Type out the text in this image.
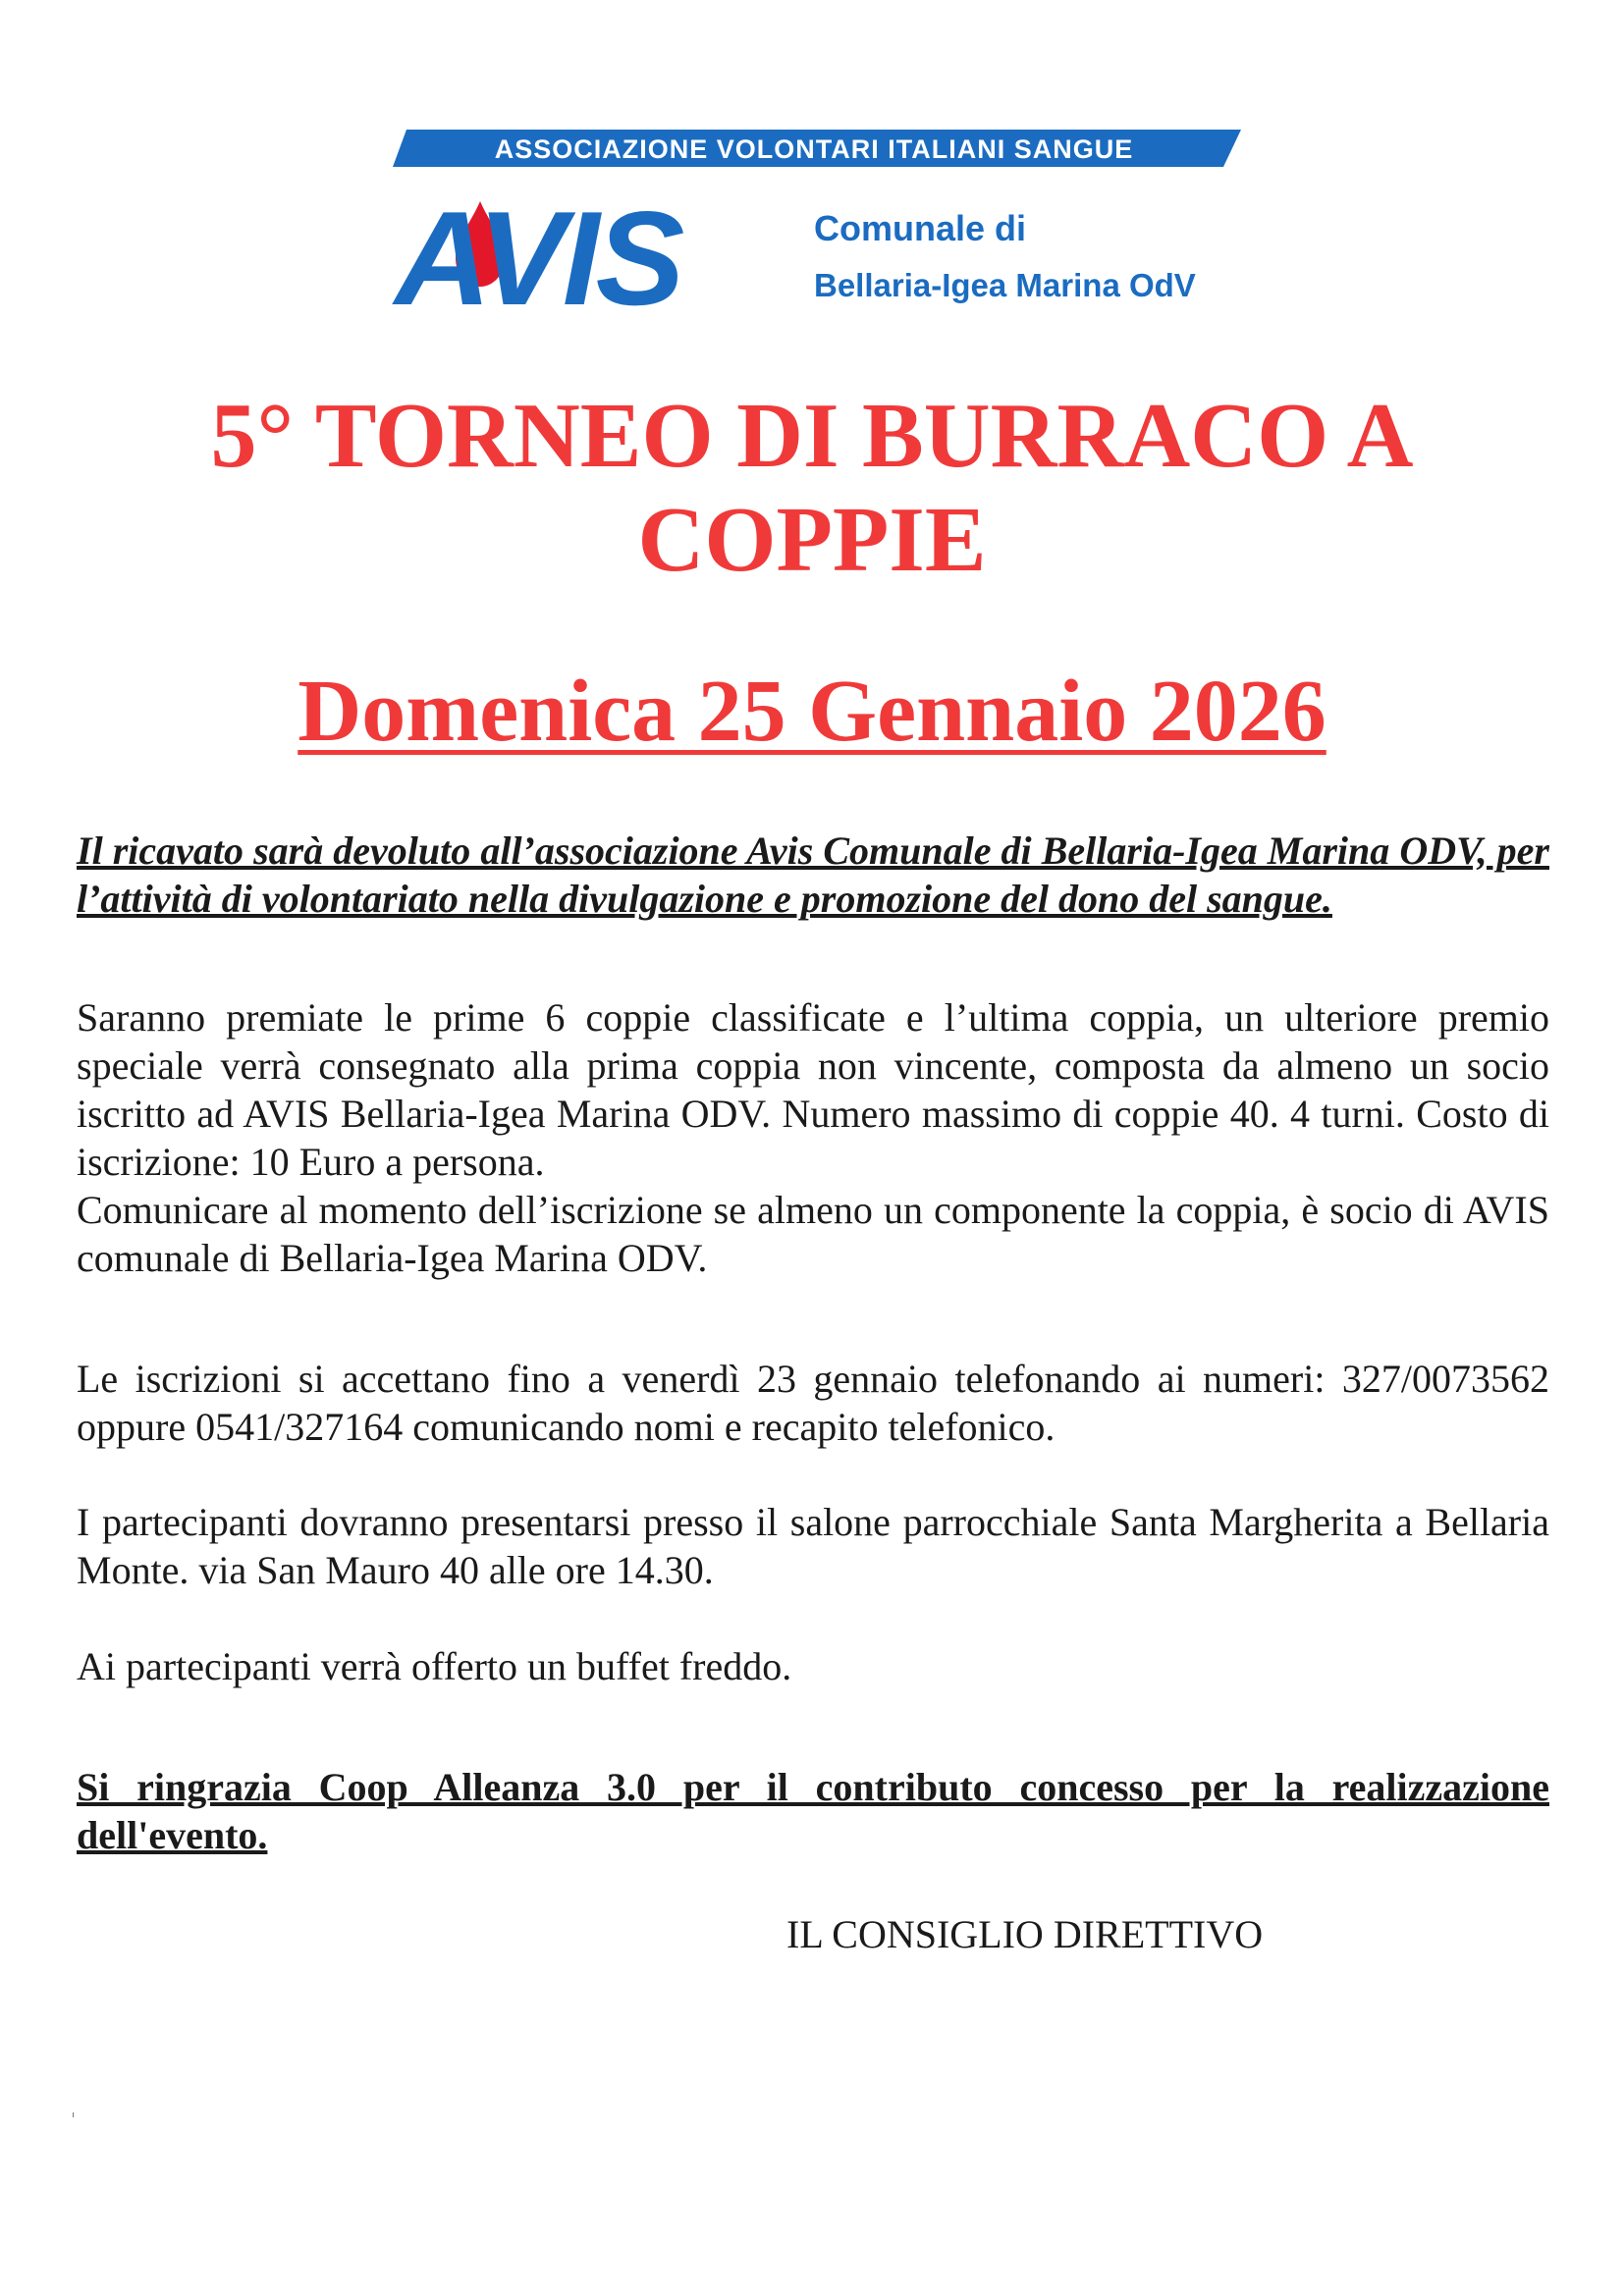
ASSOCIAZIONE VOLONTARI ITALIANI SANGUE
AVIS	Comunale di
Bellaria-Igea Marina OdV
5° TORNEO DI BURRACO A
COPPIE
Domenica 25 Gennaio 2026

Il ricavato sarà devoluto all’associazione Avis Comunale di Bellaria-Igea Marina ODV, per l’attività di volontariato nella divulgazione e promozione del dono del sangue.

Saranno premiate le prime 6 coppie classificate e l’ultima coppia, un ulteriore premio speciale verrà consegnato alla prima coppia non vincente, composta da almeno un socio iscritto ad AVIS Bellaria-Igea Marina ODV. Numero massimo di coppie 40. 4 turni. Costo di iscrizione: 10 Euro a persona.

Comunicare al momento dell’iscrizione se almeno un componente la coppia, è socio di AVIS comunale di Bellaria-Igea Marina ODV.

Le iscrizioni si accettano fino a venerdì 23 gennaio telefonando ai numeri: 327/0073562 oppure 0541/327164 comunicando nomi e recapito telefonico.

I partecipanti dovranno presentarsi presso il salone parrocchiale Santa Margherita a Bellaria Monte. via San Mauro 40 alle ore 14.30.

Ai partecipanti verrà offerto un buffet freddo.

Si ringrazia Coop Alleanza 3.0 per il contributo concesso per la realizzazione dell'evento.

IL CONSIGLIO DIRETTIVO
